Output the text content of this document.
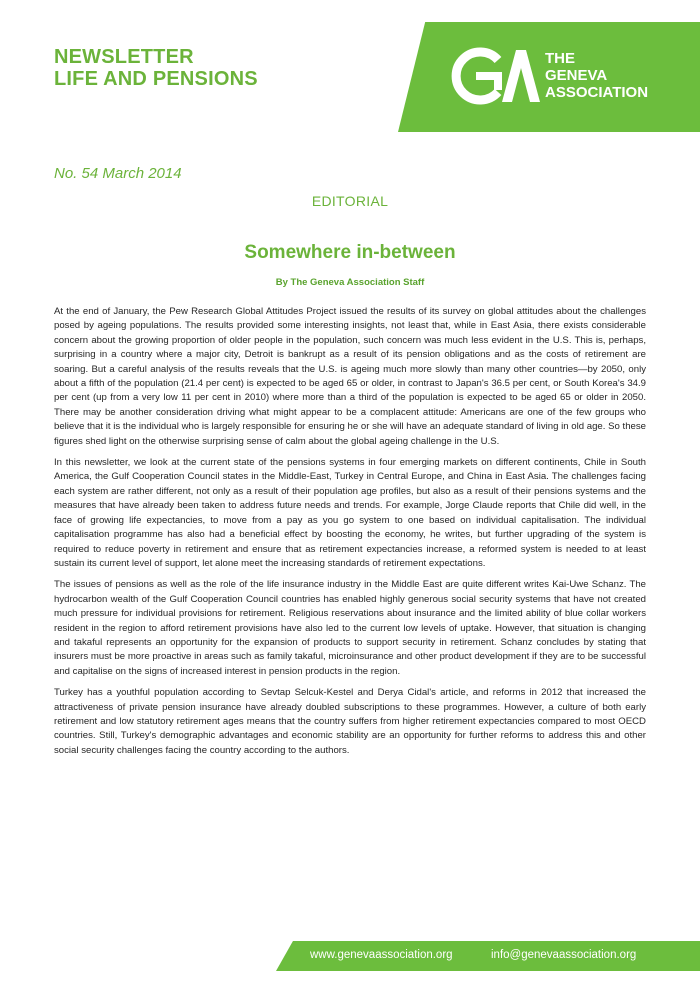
NEWSLETTER
LIFE AND PENSIONS
THE
GENEVA
ASSOCIATION
No. 54 March 2014
EDITORIAL
Somewhere in-between
By The Geneva Association Staff

At the end of January, the Pew Research Global Attitudes Project issued the results of its survey on global attitudes about the challenges posed by ageing populations. The results provided some interesting insights, not least that, while in East Asia, there exists considerable concern about the growing proportion of older people in the population, such concern was much less evident in the U.S. This is, perhaps, surprising in a country where a major city, Detroit is bankrupt as a result of its pension obligations and as the costs of retirement are soaring. But a careful analysis of the results reveals that the U.S. is ageing much more slowly than many other countries—by 2050, only about a fifth of the population (21.4 per cent) is expected to be aged 65 or older, in contrast to Japan's 36.5 per cent, or South Korea's 34.9 per cent (up from a very low 11 per cent in 2010) where more than a third of the population is expected to be aged 65 or older in 2050. There may be another consideration driving what might appear to be a complacent attitude: Americans are one of the few groups who believe that it is the individual who is largely responsible for ensuring he or she will have an adequate standard of living in old age. So these figures shed light on the otherwise surprising sense of calm about the global ageing challenge in the U.S.

In this newsletter, we look at the current state of the pensions systems in four emerging markets on different continents, Chile in South America, the Gulf Cooperation Council states in the Middle-East, Turkey in Central Europe, and China in East Asia. The challenges facing each system are rather different, not only as a result of their population age profiles, but also as a result of their pensions systems and the measures that have already been taken to address future needs and trends. For example, Jorge Claude reports that Chile did well, in the face of growing life expectancies, to move from a pay as you go system to one based on individual capitalisation. The individual capitalisation programme has also had a beneficial effect by boosting the economy, he writes, but further upgrading of the system is required to reduce poverty in retirement and ensure that as retirement expectancies increase, a reformed system is needed to at least sustain its current level of support, let alone meet the increasing standards of retirement expectations.

The issues of pensions as well as the role of the life insurance industry in the Middle East are quite different writes Kai-Uwe Schanz. The hydrocarbon wealth of the Gulf Cooperation Council countries has enabled highly generous social security systems that have not created much pressure for individual provisions for retirement. Religious reservations about insurance and the limited ability of blue collar workers resident in the region to afford retirement provisions have also led to the current low levels of uptake. However, that situation is changing and takaful represents an opportunity for the expansion of products to support security in retirement. Schanz concludes by stating that insurers must be more proactive in areas such as family takaful, microinsurance and other product development if they are to be successful and capitalise on the signs of increased interest in pension products in the region.

Turkey has a youthful population according to Sevtap Selcuk-Kestel and Derya Cidal's article, and reforms in 2012 that increased the attractiveness of private pension insurance have already doubled subscriptions to these programmes. However, a culture of both early retirement and low statutory retirement ages means that the country suffers from higher retirement expectancies compared to most OECD countries. Still, Turkey's demographic advantages and economic stability are an opportunity for further reforms to address this and other social security challenges facing the country according to the authors.

www.genevaassociation.org	info@genevaassociation.org
